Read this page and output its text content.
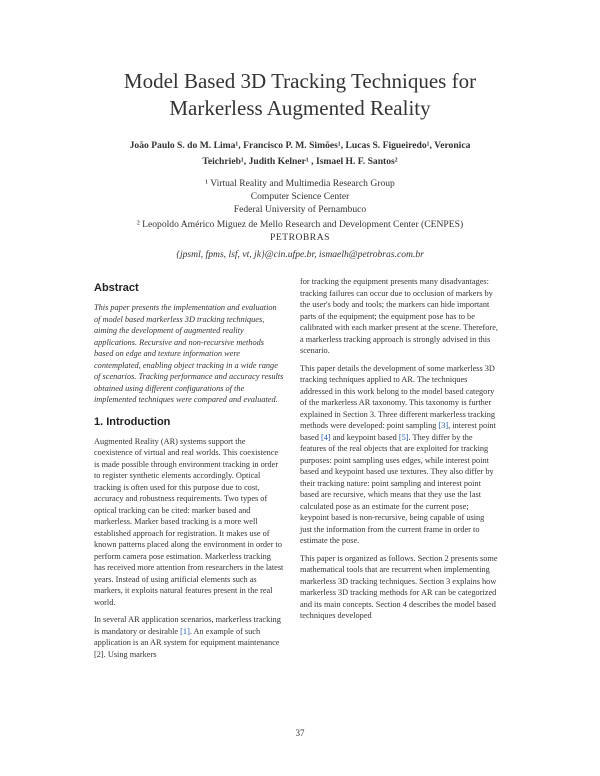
Model Based 3D Tracking Techniques for
Markerless Augmented Reality
João Paulo S. do M. Lima¹, Francisco P. M. Simões¹, Lucas S. Figueiredo¹, Veronica
Teichrieb¹, Judith Kelner¹ , Ismael H. F. Santos²
¹ Virtual Reality and Multimedia Research Group
Computer Science Center
Federal University of Pernambuco
² Leopoldo Américo Miguez de Mello Research and Development Center (CENPES)
PETROBRAS
{jpsml, fpms, lsf, vt, jk}@cin.ufpe.br, ismaelh@petrobras.com.br
Abstract

This paper presents the implementation and evaluation of model based markerless 3D tracking techniques, aiming the development of augmented reality applications. Recursive and non-recursive methods based on edge and texture information were contemplated, enabling object tracking in a wide range of scenarios. Tracking performance and accuracy results obtained using different configurations of the implemented techniques were compared and evaluated.

1. Introduction

Augmented Reality (AR) systems support the coexistence of virtual and real worlds. This coexistence is made possible through environment tracking in order to register synthetic elements accordingly. Optical tracking is often used for this purpose due to cost, accuracy and robustness requirements. Two types of optical tracking can be cited: marker based and markerless. Marker based tracking is a more well established approach for registration. It makes use of known patterns placed along the environment in order to perform camera pose estimation. Markerless tracking has received more attention from researchers in the latest years. Instead of using artificial elements such as markers, it exploits natural features present in the real world.

In several AR application scenarios, markerless tracking is mandatory or desirable [1]. An example of such application is an AR system for equipment maintenance [2]. Using markers

for tracking the equipment presents many disadvantages: tracking failures can occur due to occlusion of markers by the user's body and tools; the markers can hide important parts of the equipment; the equipment pose has to be calibrated with each marker present at the scene. Therefore, a markerless tracking approach is strongly advised in this scenario.

This paper details the development of some markerless 3D tracking techniques applied to AR. The techniques addressed in this work belong to the model based category of the markerless AR taxonomy. This taxonomy is further explained in Section 3. Three different markerless tracking methods were developed: point sampling [3], interest point based [4] and keypoint based [5]. They differ by the features of the real objects that are exploited for tracking purposes: point sampling uses edges, while interest point based and keypoint based use textures. They also differ by their tracking nature: point sampling and interest point based are recursive, which means that they use the last calculated pose as an estimate for the current pose; keypoint based is non-recursive, being capable of using just the information from the current frame in order to estimate the pose.

This paper is organized as follows. Section 2 presents some mathematical tools that are recurrent when implementing markerless 3D tracking techniques. Section 3 explains how markerless 3D tracking methods for AR can be categorized and its main concepts. Section 4 describes the model based techniques developed

37
